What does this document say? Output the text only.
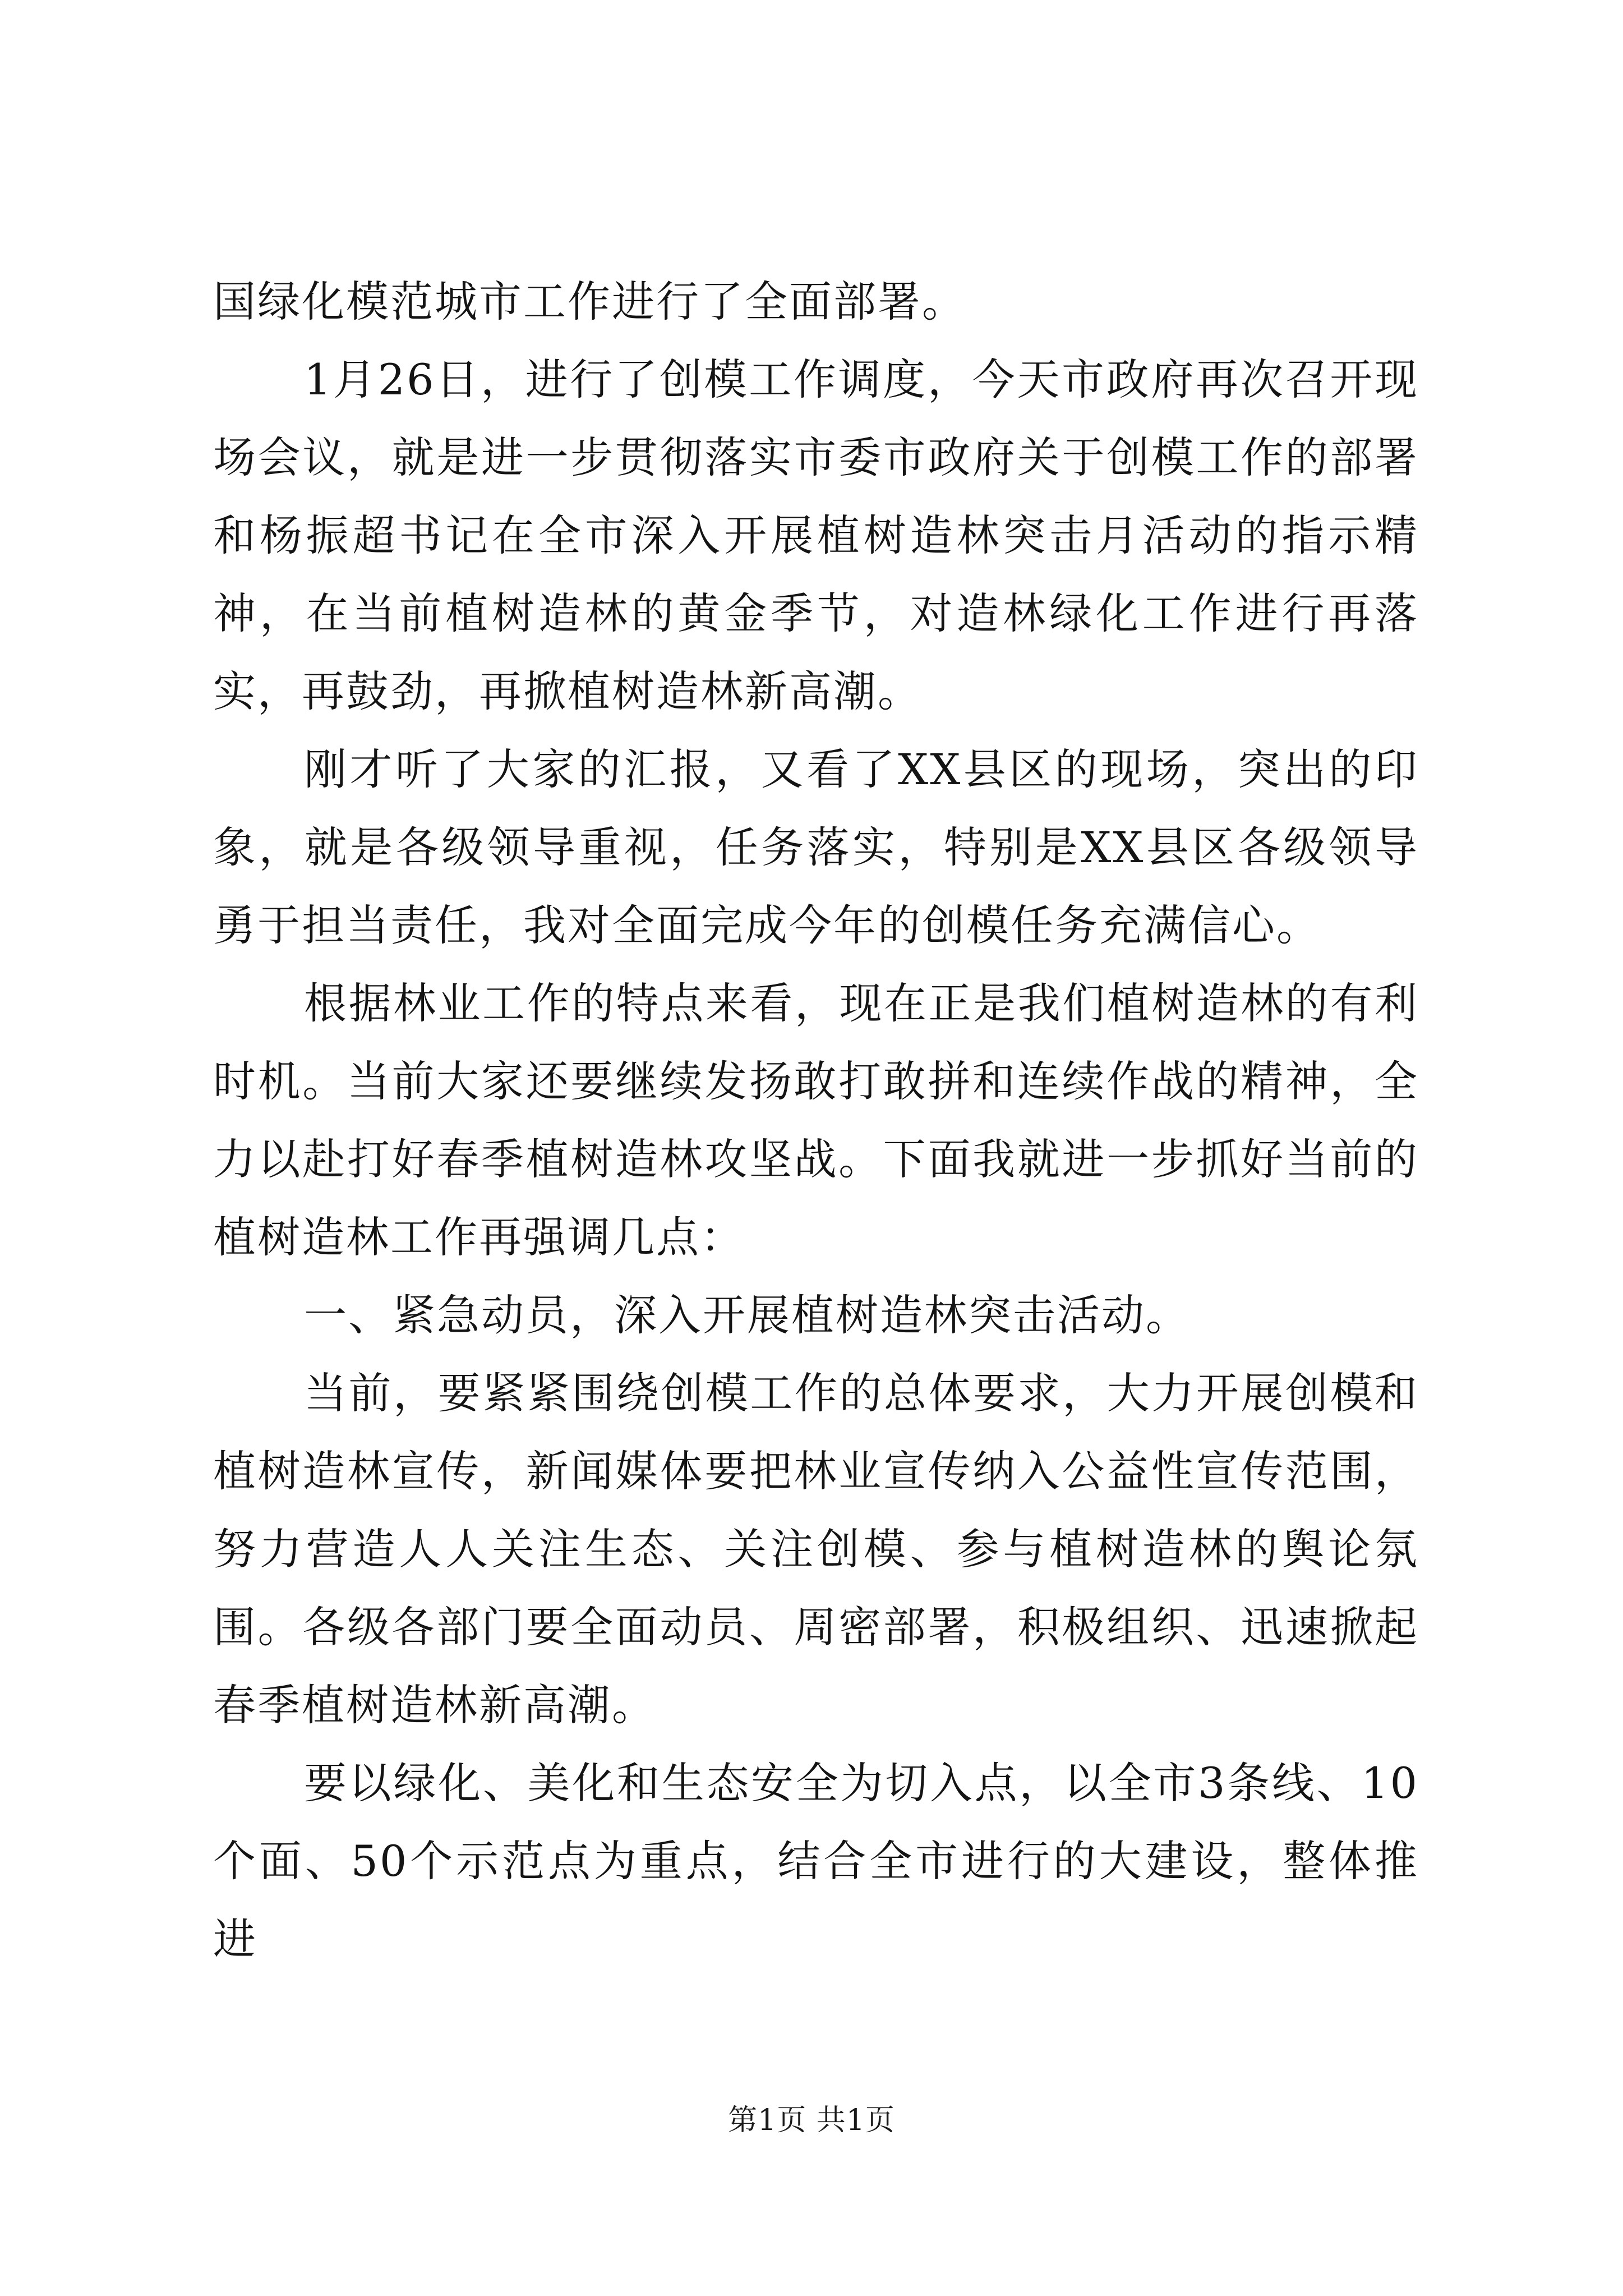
国绿化模范城市工作进行了全面部署。

1月26日，进行了创模工作调度，今天市政府再次召开现场会议，就是进一步贯彻落实市委市政府关于创模工作的部署和杨振超书记在全市深入开展植树造林突击月活动的指示精神，在当前植树造林的黄金季节，对造林绿化工作进行再落实，再鼓劲，再掀植树造林新高潮。

刚才听了大家的汇报，又看了XX县区的现场，突出的印象，就是各级领导重视，任务落实，特别是XX县区各级领导勇于担当责任，我对全面完成今年的创模任务充满信心。

根据林业工作的特点来看，现在正是我们植树造林的有利时机。当前大家还要继续发扬敢打敢拼和连续作战的精神，全力以赴打好春季植树造林攻坚战。下面我就进一步抓好当前的植树造林工作再强调几点：

一、紧急动员，深入开展植树造林突击活动。

当前，要紧紧围绕创模工作的总体要求，大力开展创模和植树造林宣传，新闻媒体要把林业宣传纳入公益性宣传范围，努力营造人人关注生态、关注创模、参与植树造林的舆论氛围。各级各部门要全面动员、周密部署，积极组织、迅速掀起春季植树造林新高潮。

要以绿化、美化和生态安全为切入点，以全市3条线、10个面、50个示范点为重点，结合全市进行的大建设，整体推进

第1页 共1页
